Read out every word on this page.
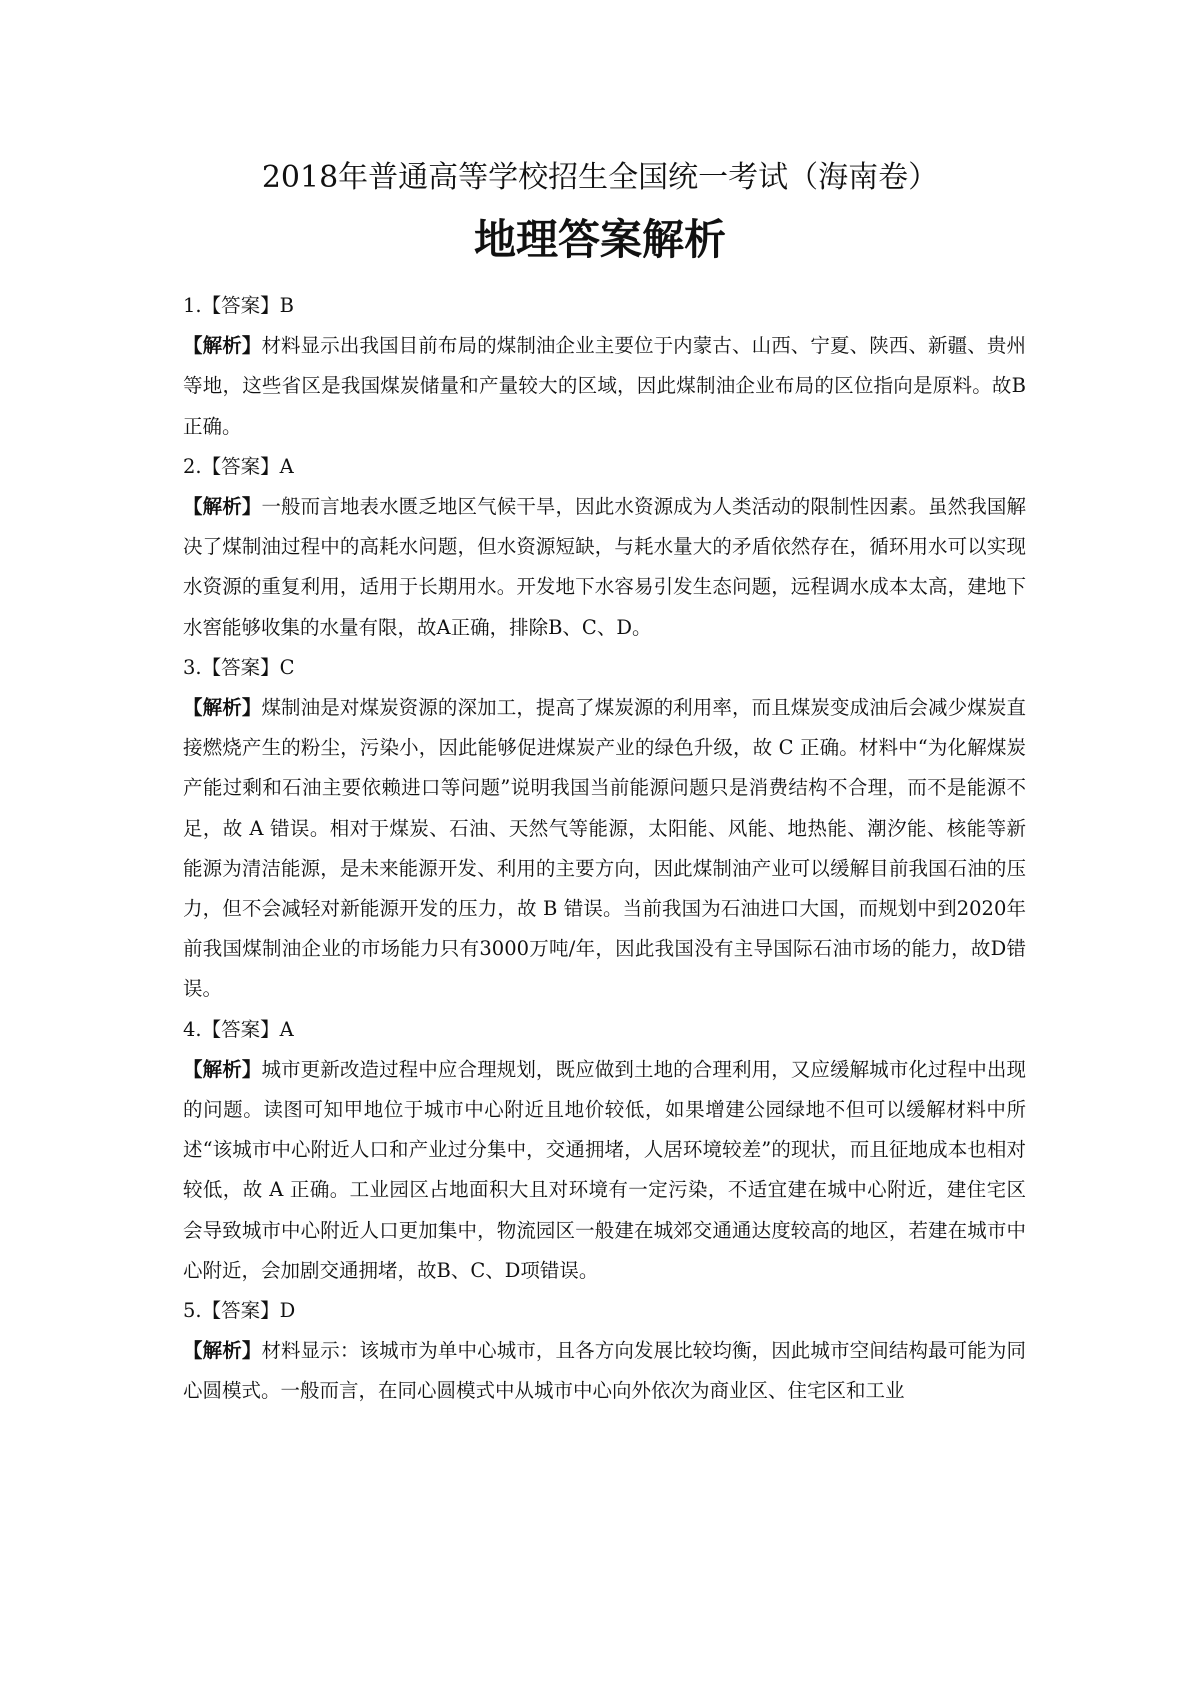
2018年普通高等学校招生全国统一考试（海南卷）
地理答案解析

1.【答案】B

【解析】材料显示出我国目前布局的煤制油企业主要位于内蒙古、山西、宁夏、陕西、新疆、贵州等地，这些省区是我国煤炭储量和产量较大的区域，因此煤制油企业布局的区位指向是原料。故B正确。

2.【答案】A

【解析】一般而言地表水匮乏地区气候干旱，因此水资源成为人类活动的限制性因素。虽然我国解决了煤制油过程中的高耗水问题，但水资源短缺，与耗水量大的矛盾依然存在，循环用水可以实现水资源的重复利用，适用于长期用水。开发地下水容易引发生态问题，远程调水成本太高，建地下水窖能够收集的水量有限，故A正确，排除B、C、D。

3.【答案】C

【解析】煤制油是对煤炭资源的深加工，提高了煤炭源的利用率，而且煤炭变成油后会减少煤炭直接燃烧产生的粉尘，污染小，因此能够促进煤炭产业的绿色升级，故 C 正确。材料中“为化解煤炭产能过剩和石油主要依赖进口等问题”说明我国当前能源问题只是消费结构不合理，而不是能源不足，故 A 错误。相对于煤炭、石油、天然气等能源，太阳能、风能、地热能、潮汐能、核能等新能源为清洁能源，是未来能源开发、利用的主要方向，因此煤制油产业可以缓解目前我国石油的压力，但不会减轻对新能源开发的压力，故 B 错误。当前我国为石油进口大国，而规划中到2020年前我国煤制油企业的市场能力只有3000万吨/年，因此我国没有主导国际石油市场的能力，故D错误。

4.【答案】A

【解析】城市更新改造过程中应合理规划，既应做到土地的合理利用，又应缓解城市化过程中出现的问题。读图可知甲地位于城市中心附近且地价较低，如果增建公园绿地不但可以缓解材料中所述“该城市中心附近人口和产业过分集中，交通拥堵，人居环境较差”的现状，而且征地成本也相对较低，故 A 正确。工业园区占地面积大且对环境有一定污染，不适宜建在城中心附近，建住宅区会导致城市中心附近人口更加集中，物流园区一般建在城郊交通通达度较高的地区，若建在城市中心附近，会加剧交通拥堵，故B、C、D项错误。

5.【答案】D

【解析】材料显示：该城市为单中心城市，且各方向发展比较均衡，因此城市空间结构最可能为同心圆模式。一般而言，在同心圆模式中从城市中心向外依次为商业区、住宅区和工业
